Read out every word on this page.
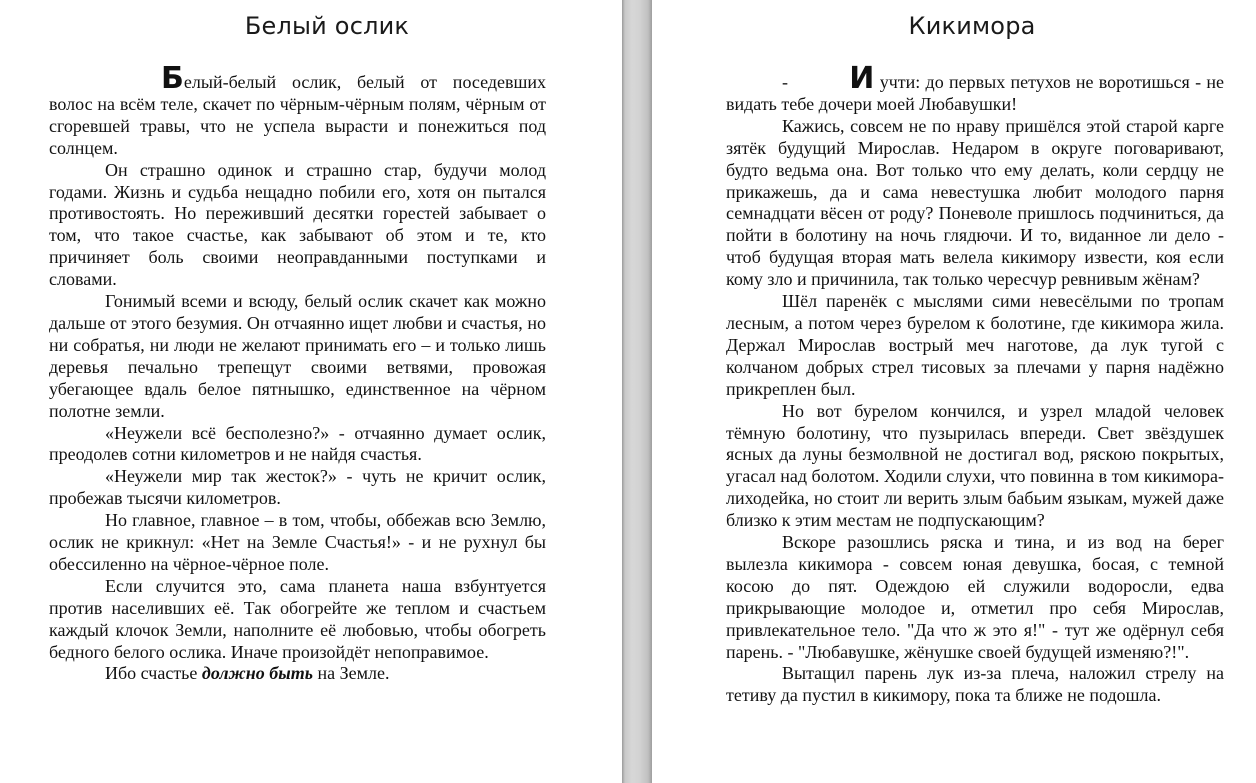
Белый ослик

Белый-белый ослик, белый от поседевших волос на всём теле, скачет по чёрным-чёрным полям, чёрным от сгоревшей травы, что не успела вырасти и понежиться под солнцем.

Он страшно одинок и страшно стар, будучи молод годами. Жизнь и судьба нещадно побили его, хотя он пытался противостоять. Но переживший десятки горестей забывает о том, что такое счастье, как забывают об этом и те, кто причиняет боль своими неоправданными поступками и словами.

Гонимый всеми и всюду, белый ослик скачет как можно дальше от этого безумия. Он отчаянно ищет любви и счастья, но ни собратья, ни люди не желают принимать его – и только лишь деревья печально трепещут своими ветвями, провожая убегающее вдаль белое пятнышко, единственное на чёрном полотне земли.

«Неужели всё бесполезно?» - отчаянно думает ослик, преодолев сотни километров и не найдя счастья.

«Неужели мир так жесток?» - чуть не кричит ослик, пробежав тысячи километров.

Но главное, главное – в том, чтобы, оббежав всю Землю, ослик не крикнул: «Нет на Земле Счастья!» - и не рухнул бы обессиленно на чёрное-чёрное поле.

Если случится это, сама планета наша взбунтуется против населивших её. Так обогрейте же теплом и счастьем каждый клочок Земли, наполните её любовью, чтобы обогреть бедного белого ослика. Иначе произойдёт непоправимое.

Ибо счастье должно быть на Земле.

Кикимора

- И учти: до первых петухов не воротишься - не видать тебе дочери моей Любавушки!

Кажись, совсем не по нраву пришёлся этой старой карге зятёк будущий Мирослав. Недаром в округе поговаривают, будто ведьма она. Вот только что ему делать, коли сердцу не прикажешь, да и сама невестушка любит молодого парня семнадцати вёсен от роду? Поневоле пришлось подчиниться, да пойти в болотину на ночь глядючи. И то, виданное ли дело - чтоб будущая вторая мать велела кикимору извести, коя если кому зло и причинила, так только чересчур ревнивым жёнам?

Шёл паренёк с мыслями сими невесёлыми по тропам лесным, а потом через бурелом к болотине, где кикимора жила. Держал Мирослав вострый меч наготове, да лук тугой с колчаном добрых стрел тисовых за плечами у парня надёжно прикреплен был.

Но вот бурелом кончился, и узрел младой человек тёмную болотину, что пузырилась впереди. Свет звёздушек ясных да луны безмолвной не достигал вод, ряскою покрытых, угасал над болотом. Ходили слухи, что повинна в том кикимора-лиходейка, но стоит ли верить злым бабьим языкам, мужей даже близко к этим местам не подпускающим?

Вскоре разошлись ряска и тина, и из вод на берег вылезла кикимора - совсем юная девушка, босая, с темной косою до пят. Одеждою ей служили водоросли, едва прикрывающие молодое и, отметил про себя Мирослав, привлекательное тело. "Да что ж это я!" - тут же одёрнул себя парень. - "Любавушке, жёнушке своей будущей изменяю?!".

Вытащил парень лук из-за плеча, наложил стрелу на тетиву да пустил в кикимору, пока та ближе не подошла.
